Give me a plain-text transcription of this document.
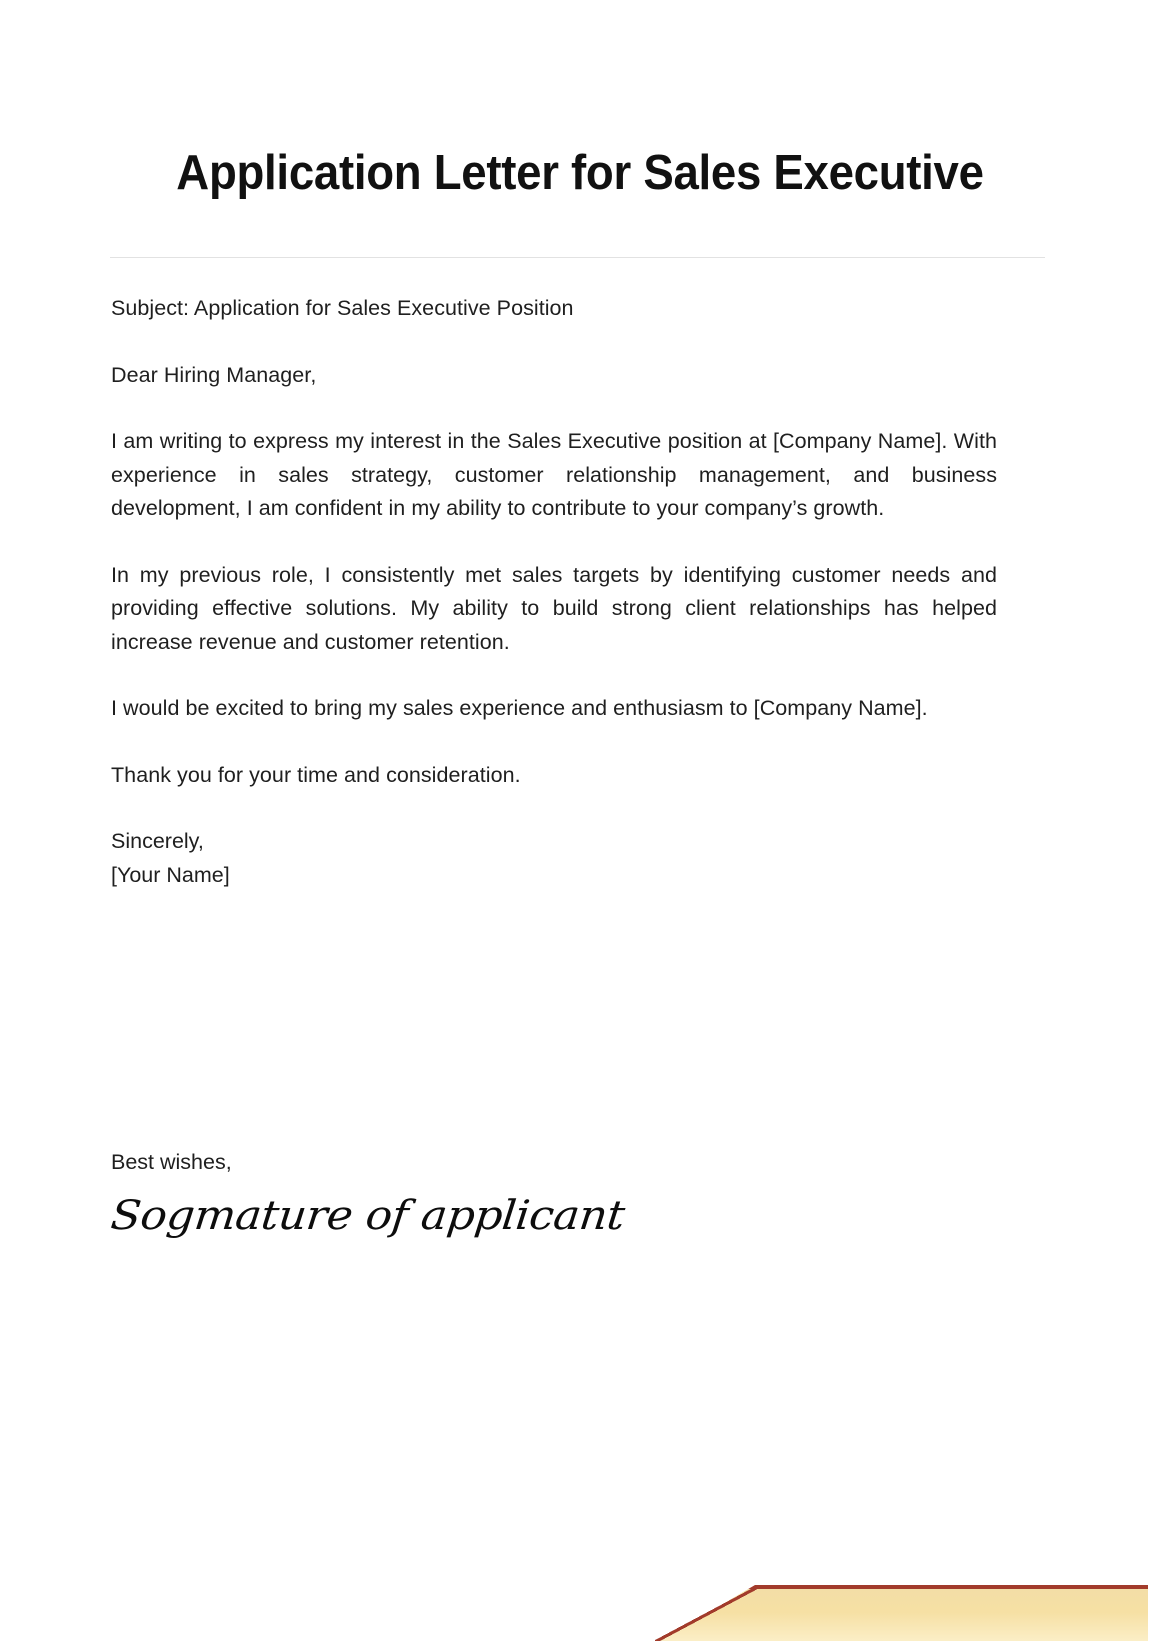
Application Letter for Sales Executive

Subject: Application for Sales Executive Position

Dear Hiring Manager,

I am writing to express my interest in the Sales Executive position at [Company Name]. With experience in sales strategy, customer relationship management, and business development, I am confident in my ability to contribute to your company’s growth.

In my previous role, I consistently met sales targets by identifying customer needs and providing effective solutions. My ability to build strong client relationships has helped increase revenue and customer retention.

I would be excited to bring my sales experience and enthusiasm to [Company Name].

Thank you for your time and consideration.

Sincerely,

[Your Name]

Best wishes,

Sogmature of applicant
